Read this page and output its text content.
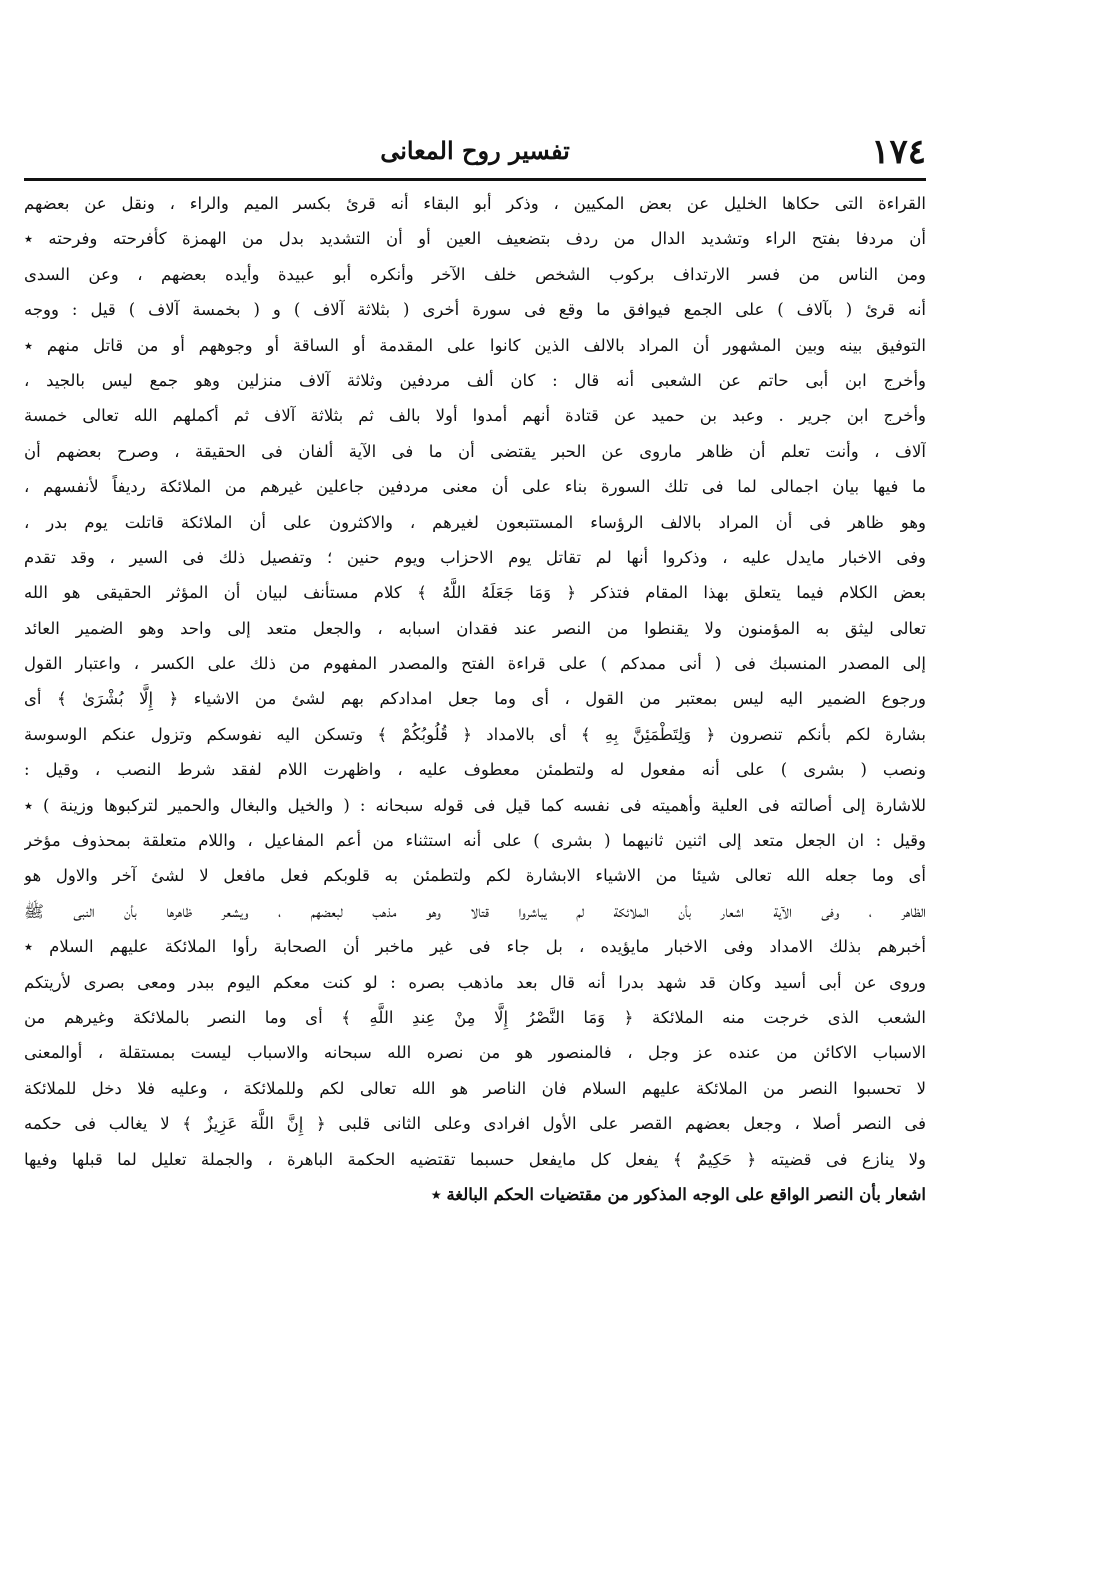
١٧٤
تفسير روح المعانى
القراءة التى حكاها الخليل عن بعض المكيين ، وذكر أبو البقاء أنه قرئ بكسر الميم والراء ، ونقل عن بعضهم
أن مردفا بفتح الراء وتشديد الدال من ردف بتضعيف العين أو أن التشديد بدل من الهمزة كأفرحته وفرحته ٭
ومن الناس من فسر الارتداف بركوب الشخص خلف الآخر وأنكره أبو عبيدة وأيده بعضهم ، وعن السدى
أنه قرئ ( بآلاف ) على الجمع فيوافق ما وقع فى سورة أخرى ( بثلاثة آلاف ) و ( بخمسة آلاف ) قيل : ووجه
التوفيق بينه وبين المشهور أن المراد بالالف الذين كانوا على المقدمة أو الساقة أو وجوههم أو من قاتل منهم ٭
وأخرج ابن أبى حاتم عن الشعبى أنه قال : كان ألف مردفين وثلاثة آلاف منزلين وهو جمع ليس بالجيد ،
وأخرج ابن جرير . وعبد بن حميد عن قتادة أنهم أمدوا أولا بالف ثم بثلاثة آلاف ثم أكملهم الله تعالى خمسة
آلاف ، وأنت تعلم أن ظاهر ماروى عن الحبر يقتضى أن ما فى الآية ألفان فى الحقيقة ، وصرح بعضهم أن
ما فيها بيان اجمالى لما فى تلك السورة بناء على أن معنى مردفين جاعلين غيرهم من الملائكة رديفاً لأنفسهم ،
وهو ظاهر فى أن المراد بالالف الرؤساء المستتبعون لغيرهم ، والاكثرون على أن الملائكة قاتلت يوم بدر ،
وفى الاخبار مايدل عليه ، وذكروا أنها لم تقاتل يوم الاحزاب ويوم حنين ؛ وتفصيل ذلك فى السير ، وقد تقدم
بعض الكلام فيما يتعلق بهذا المقام فتذكر ﴿ وَمَا جَعَلَهُ اللَّهُ ﴾ كلام مستأنف لبيان أن المؤثر الحقيقى هو الله
تعالى ليثق به المؤمنون ولا يقنطوا من النصر عند فقدان اسبابه ، والجعل متعد إلى واحد وهو الضمير العائد
إلى المصدر المنسبك فى ( أنى ممدكم ) على قراءة الفتح والمصدر المفهوم من ذلك على الكسر ، واعتبار القول
ورجوع الضمير اليه ليس بمعتبر من القول ، أى وما جعل امدادكم بهم لشئ من الاشياء ﴿ إِلَّا بُشْرَىٰ ﴾ أى
بشارة لكم بأنكم تنصرون ﴿ وَلِتَطْمَئِنَّ بِهِ ﴾ أى بالامداد ﴿ قُلُوبُكُمْ ﴾ وتسكن اليه نفوسكم وتزول عنكم الوسوسة
ونصب ( بشرى ) على أنه مفعول له ولتطمئن معطوف عليه ، واظهرت اللام لفقد شرط النصب ، وقيل :
للاشارة إلى أصالته فى العلية وأهميته فى نفسه كما قيل فى قوله سبحانه : ( والخيل والبغال والحمير لتركبوها وزينة ) ٭
وقيل : ان الجعل متعد إلى اثنين ثانيهما ( بشرى ) على أنه استثناء من أعم المفاعيل ، واللام متعلقة بمحذوف مؤخر
أى وما جعله الله تعالى شيئا من الاشياء الابشارة لكم ولتطمئن به قلوبكم فعل مافعل لا لشئ آخر والاول هو
الظاهر ، وفى الآية اشعار بأن الملائكة لم يباشروا قتالا وهو مذهب لبعضهم ، ويشعر ظاهرها بأن النبى ﷺ
أخبرهم بذلك الامداد وفى الاخبار مايؤيده ، بل جاء فى غير ماخبر أن الصحابة رأوا الملائكة عليهم السلام ٭
وروى عن أبى أسيد وكان قد شهد بدرا أنه قال بعد ماذهب بصره : لو كنت معكم اليوم ببدر ومعى بصرى لأريتكم
الشعب الذى خرجت منه الملائكة ﴿ وَمَا النَّصْرُ إِلَّا مِنْ عِندِ اللَّهِ ﴾ أى وما النصر بالملائكة وغيرهم من
الاسباب الاكائن من عنده عز وجل ، فالمنصور هو من نصره الله سبحانه والاسباب ليست بمستقلة ، أوالمعنى
لا تحسبوا النصر من الملائكة عليهم السلام فان الناصر هو الله تعالى لكم وللملائكة ، وعليه فلا دخل للملائكة
فى النصر أصلا ، وجعل بعضهم القصر على الأول افرادى وعلى الثانى قلبى ﴿ إِنَّ اللَّهَ عَزِيزٌ ﴾ لا يغالب فى حكمه
ولا ينازع فى قضيته ﴿ حَكِيمٌ ﴾ يفعل كل مايفعل حسبما تقتضيه الحكمة الباهرة ، والجملة تعليل لما قبلها وفيها
اشعار بأن النصر الواقع على الوجه المذكور من مقتضيات الحكم البالغة ٭
